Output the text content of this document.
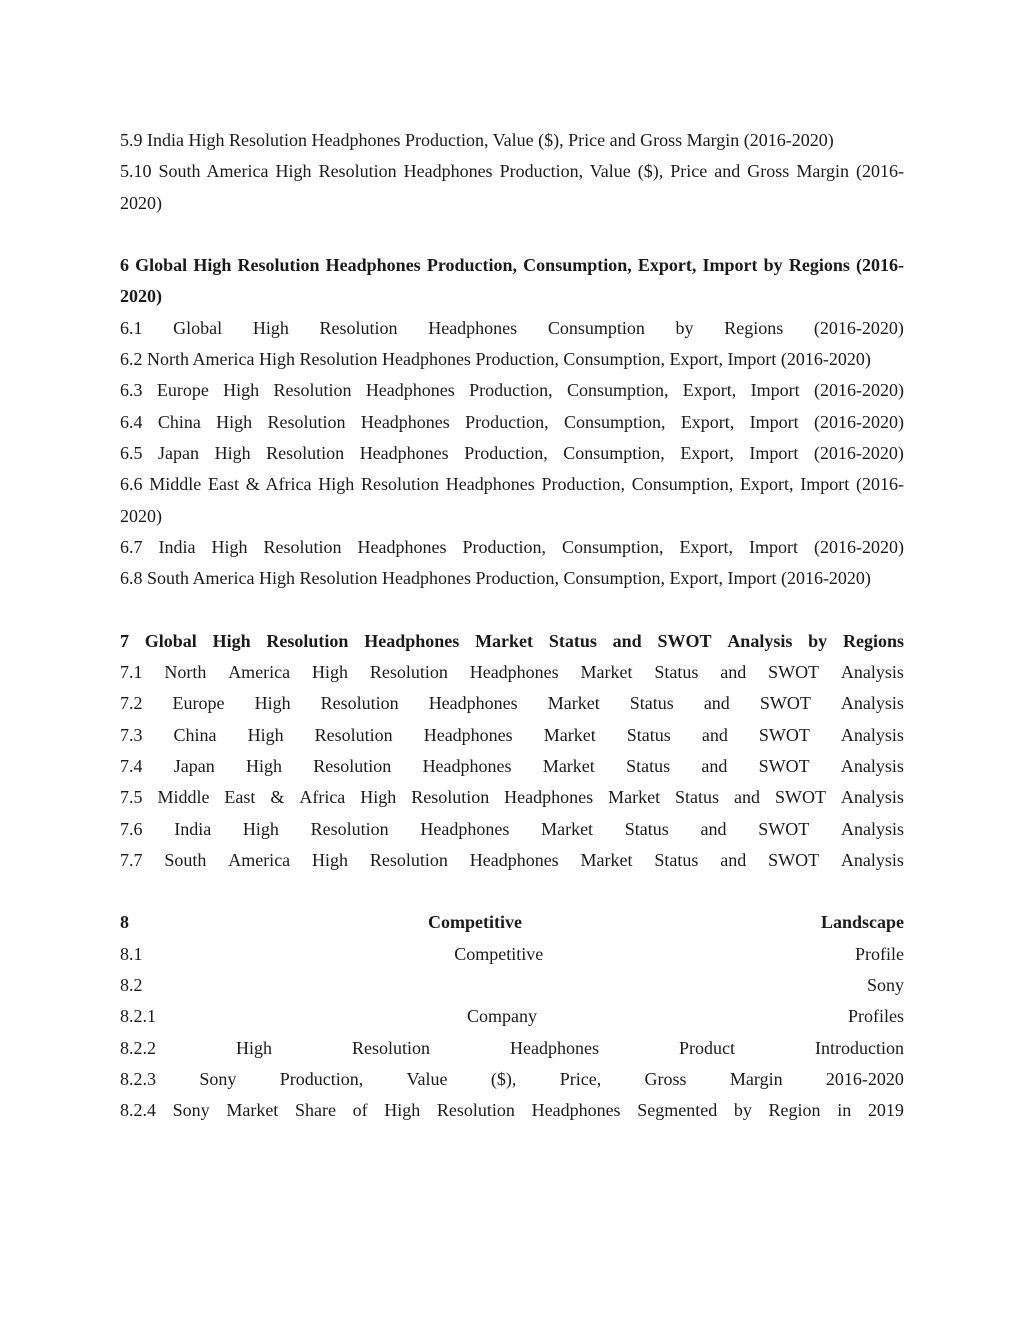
5.9 India High Resolution Headphones Production, Value ($), Price and Gross Margin (2016-2020)
5.10 South America High Resolution Headphones Production, Value ($), Price and Gross Margin (2016-2020)
6 Global High Resolution Headphones Production, Consumption, Export, Import by Regions (2016-2020)
6.1 Global High Resolution Headphones Consumption by Regions (2016-2020)
6.2 North America High Resolution Headphones Production, Consumption, Export, Import (2016-2020)
6.3 Europe High Resolution Headphones Production, Consumption, Export, Import (2016-2020)
6.4 China High Resolution Headphones Production, Consumption, Export, Import (2016-2020)
6.5 Japan High Resolution Headphones Production, Consumption, Export, Import (2016-2020)
6.6 Middle East & Africa High Resolution Headphones Production, Consumption, Export, Import (2016-2020)
6.7 India High Resolution Headphones Production, Consumption, Export, Import (2016-2020)
6.8 South America High Resolution Headphones Production, Consumption, Export, Import (2016-2020)
7 Global High Resolution Headphones Market Status and SWOT Analysis by Regions
7.1 North America High Resolution Headphones Market Status and SWOT Analysis
7.2 Europe High Resolution Headphones Market Status and SWOT Analysis
7.3 China High Resolution Headphones Market Status and SWOT Analysis
7.4 Japan High Resolution Headphones Market Status and SWOT Analysis
7.5 Middle East & Africa High Resolution Headphones Market Status and SWOT Analysis
7.6 India High Resolution Headphones Market Status and SWOT Analysis
7.7 South America High Resolution Headphones Market Status and SWOT Analysis
8	Competitive	Landscape
8.1	Competitive	Profile
8.2	Sony
8.2.1	Company	Profiles
8.2.2	High	Resolution	Headphones	Product	Introduction
8.2.3 Sony Production, Value ($), Price, Gross Margin 2016-2020
8.2.4 Sony Market Share of High Resolution Headphones Segmented by Region in 2019
